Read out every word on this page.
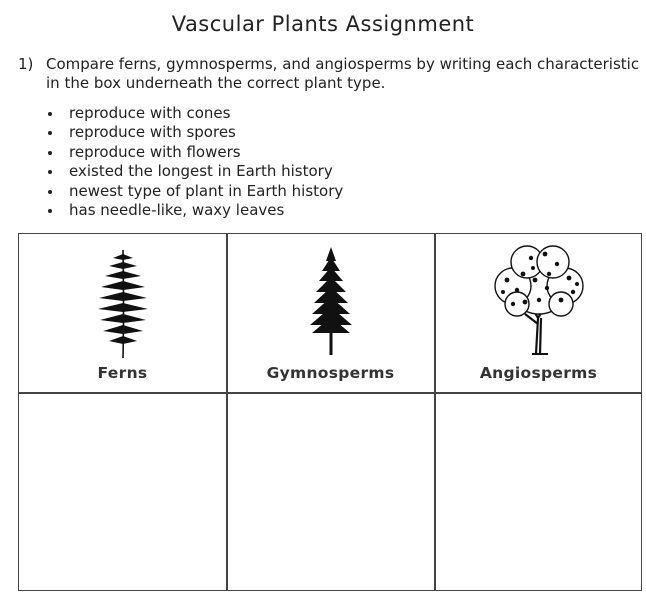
Vascular Plants Assignment
1) Compare ferns, gymnosperms, and angiosperms by writing each characteristic in the box underneath the correct plant type.
reproduce with cones
reproduce with spores
reproduce with flowers
existed the longest in Earth history
newest type of plant in Earth history
has needle-like, waxy leaves
Ferns	Gymnosperms	Angiosperms
